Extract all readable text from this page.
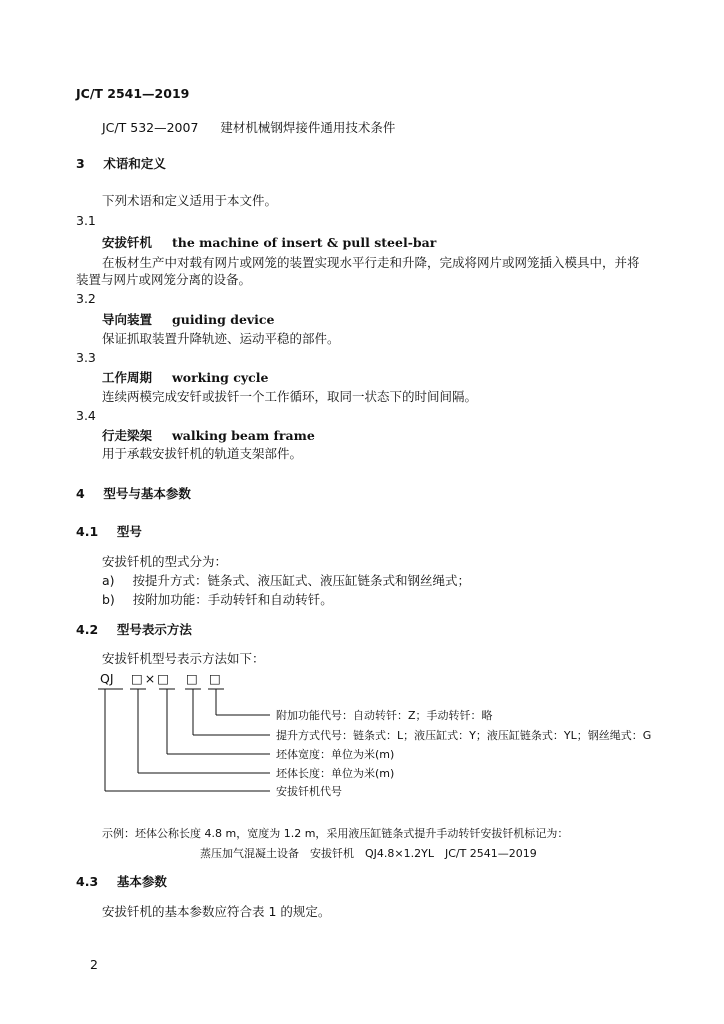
JC/T 2541—2019
JC/T 532—2007 建材机械钢焊接件通用技术条件
3 术语和定义
下列术语和定义适用于本文件。
3.1
安拔钎机 the machine of insert & pull steel-bar
在板材生产中对载有网片或网笼的装置实现水平行走和升降，完成将网片或网笼插入模具中，并将
装置与网片或网笼分离的设备。
3.2
导向装置 guiding device
保证抓取装置升降轨迹、运动平稳的部件。
3.3
工作周期 working cycle
连续两模完成安钎或拔钎一个工作循环，取同一状态下的时间间隔。
3.4
行走梁架 walking beam frame
用于承载安拔钎机的轨道支架部件。
4 型号与基本参数
4.1 型号
安拔钎机的型式分为：
a) 按提升方式：链条式、液压缸式、液压缸链条式和钢丝绳式；
b) 按附加功能：手动转钎和自动转钎。
4.2 型号表示方法
安拔钎机型号表示方法如下：
QJ □×□ □ □
附加功能代号：自动转钎：Z；手动转钎：略
提升方式代号：链条式：L；液压缸式：Y；液压缸链条式：YL；钢丝绳式：G
坯体宽度：单位为米(m)
坯体长度：单位为米(m)
安拔钎机代号
示例：坯体公称长度 4.8 m，宽度为 1.2 m，采用液压缸链条式提升手动转钎安拔钎机标记为：
蒸压加气混凝土设备　安拔钎机　QJ4.8×1.2YL　JC/T 2541—2019
4.3 基本参数
安拔钎机的基本参数应符合表 1 的规定。
2
